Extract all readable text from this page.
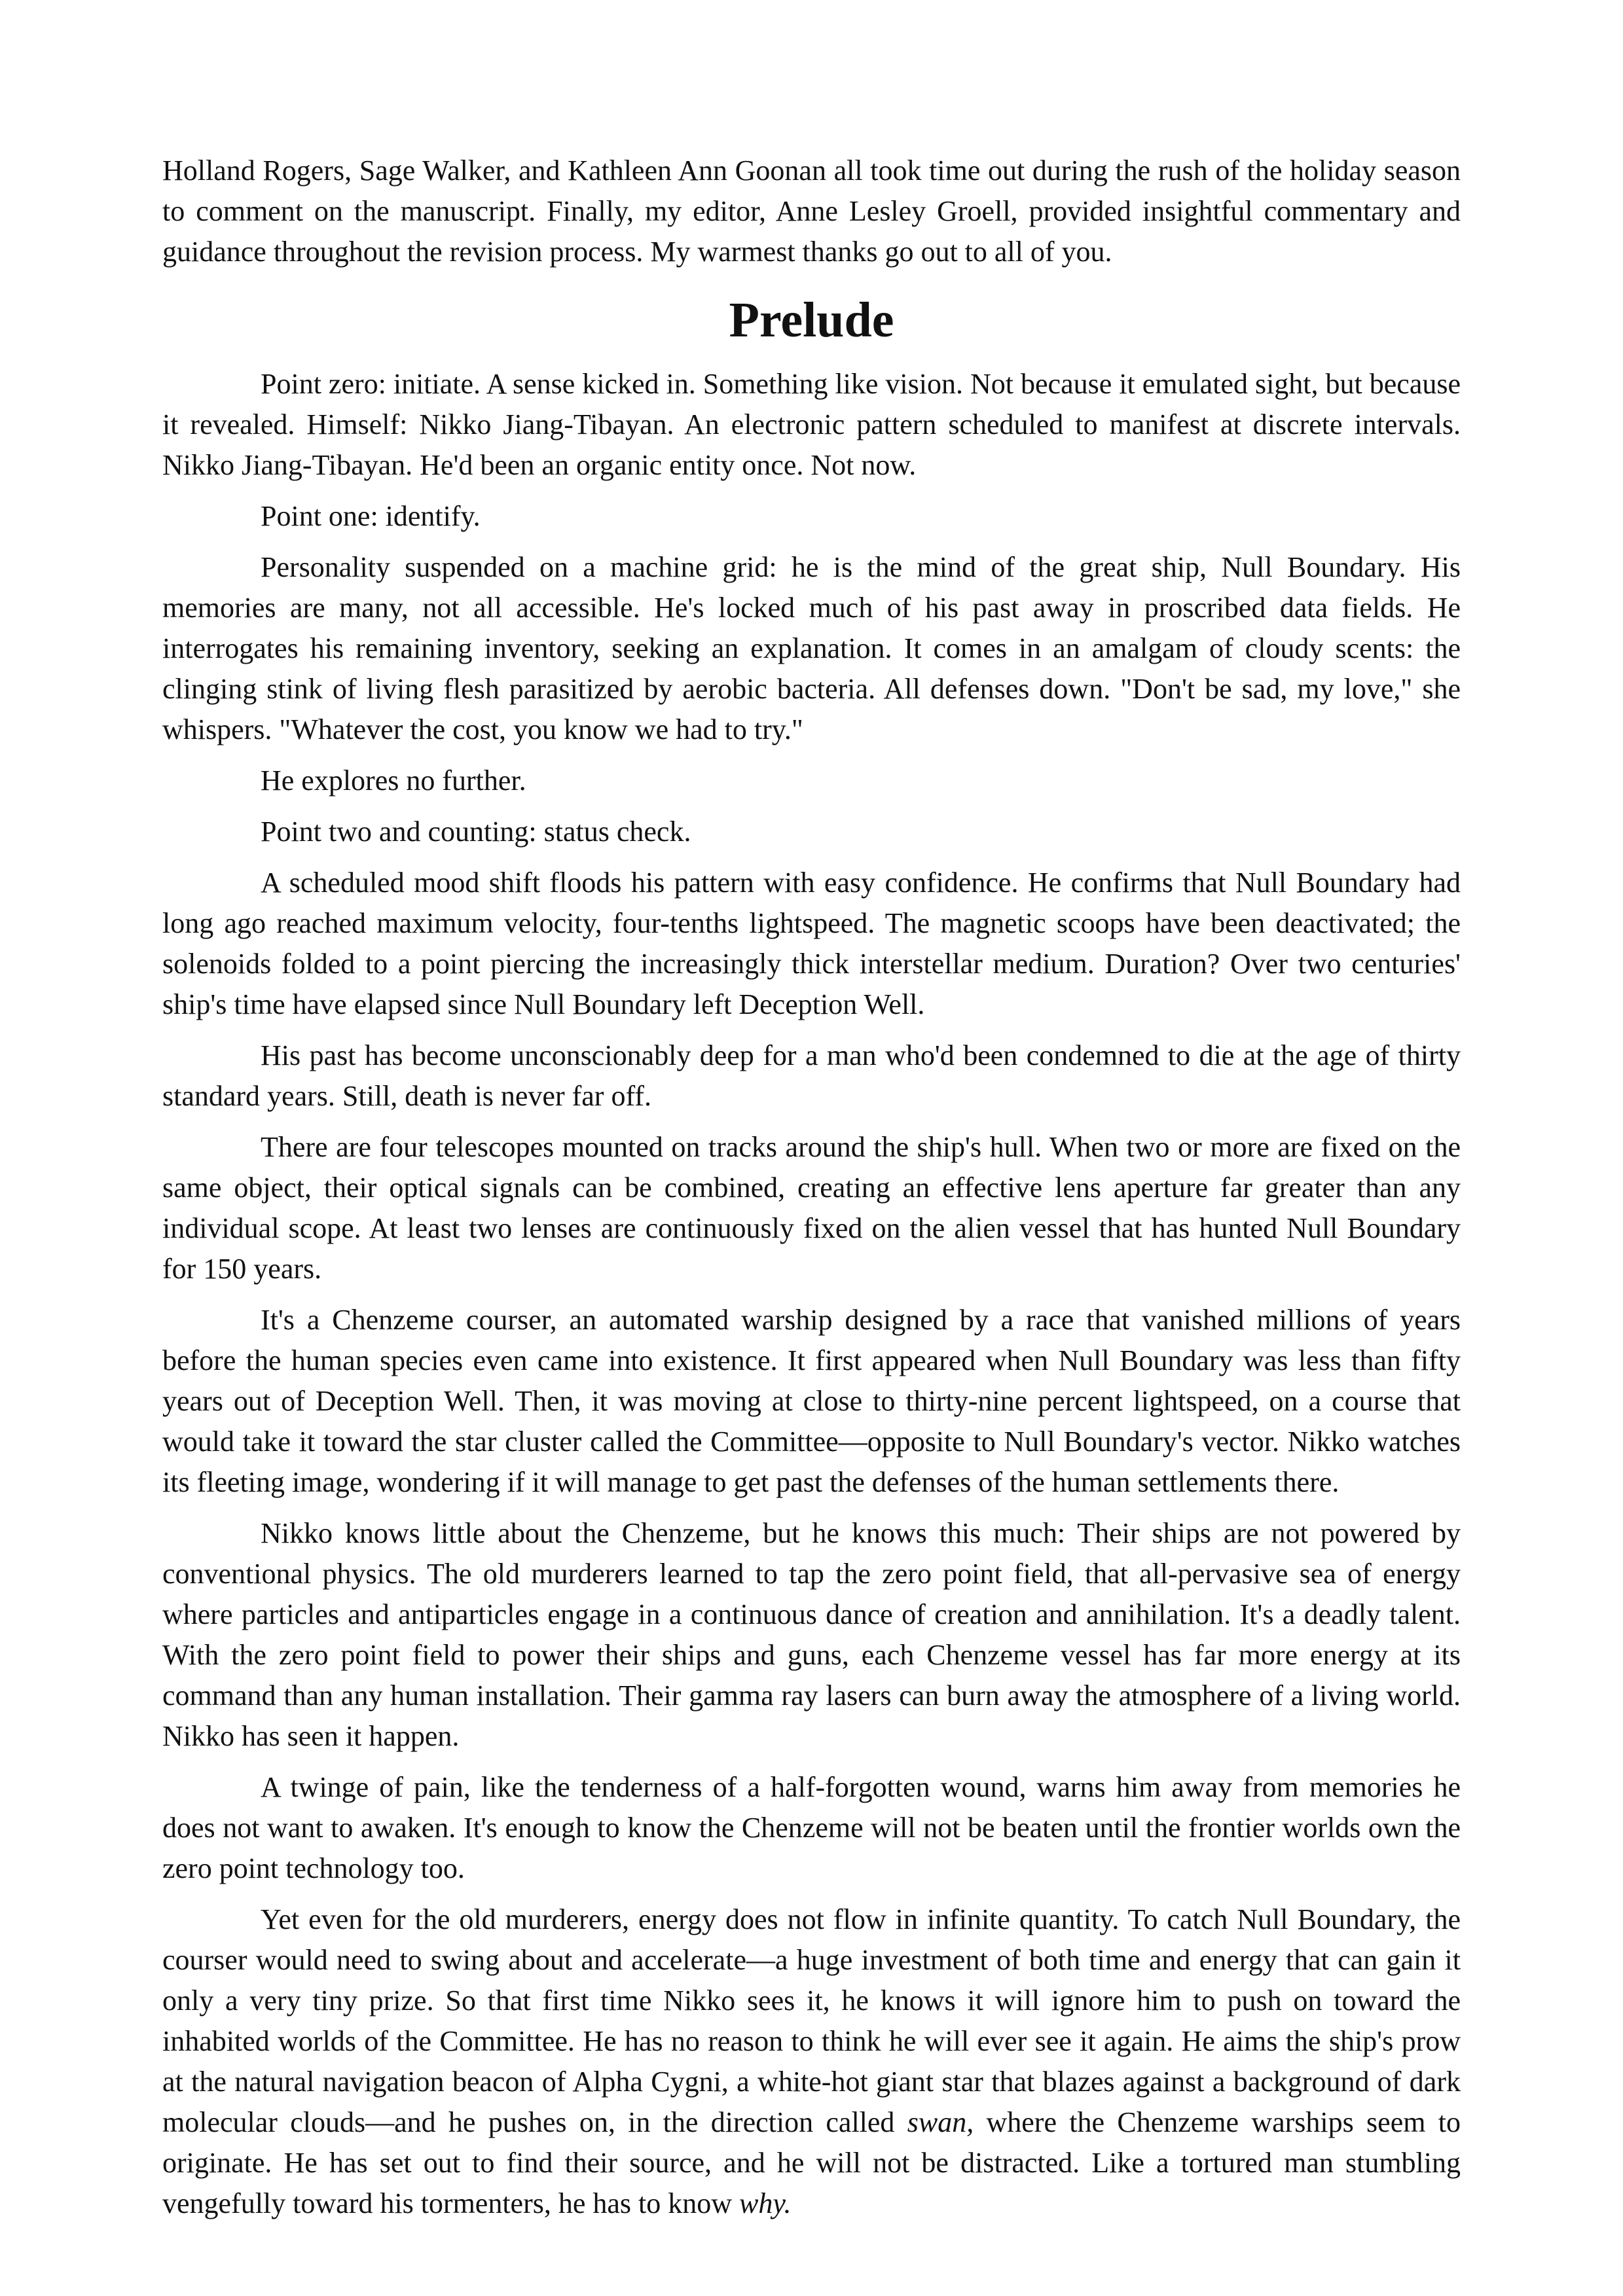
Holland Rogers, Sage Walker, and Kathleen Ann Goonan all took time out during the rush of the holiday season to comment on the manuscript. Finally, my editor, Anne Lesley Groell, provided insightful commentary and guidance throughout the revision process. My warmest thanks go out to all of you.

Prelude

Point zero: initiate. A sense kicked in. Something like vision. Not because it emulated sight, but because it revealed. Himself: Nikko Jiang-Tibayan. An electronic pattern scheduled to manifest at discrete intervals. Nikko Jiang-Tibayan. He'd been an organic entity once. Not now.

Point one: identify.

Personality suspended on a machine grid: he is the mind of the great ship, Null Boundary. His memories are many, not all accessible. He's locked much of his past away in proscribed data fields. He interrogates his remaining inventory, seeking an explanation. It comes in an amalgam of cloudy scents: the clinging stink of living flesh parasitized by aerobic bacteria. All defenses down. "Don't be sad, my love," she whispers. "Whatever the cost, you know we had to try."

He explores no further.

Point two and counting: status check.

A scheduled mood shift floods his pattern with easy confidence. He confirms that Null Boundary had long ago reached maximum velocity, four-tenths lightspeed. The magnetic scoops have been deactivated; the solenoids folded to a point piercing the increasingly thick interstellar medium. Duration? Over two centuries' ship's time have elapsed since Null Boundary left Deception Well.

His past has become unconscionably deep for a man who'd been condemned to die at the age of thirty standard years. Still, death is never far off.

There are four telescopes mounted on tracks around the ship's hull. When two or more are fixed on the same object, their optical signals can be combined, creating an effective lens aperture far greater than any individual scope. At least two lenses are continuously fixed on the alien vessel that has hunted Null Boundary for 150 years.

It's a Chenzeme courser, an automated warship designed by a race that vanished millions of years before the human species even came into existence. It first appeared when Null Boundary was less than fifty years out of Deception Well. Then, it was moving at close to thirty-nine percent lightspeed, on a course that would take it toward the star cluster called the Committee—opposite to Null Boundary's vector. Nikko watches its fleeting image, wondering if it will manage to get past the defenses of the human settlements there.

Nikko knows little about the Chenzeme, but he knows this much: Their ships are not powered by conventional physics. The old murderers learned to tap the zero point field, that all-pervasive sea of energy where particles and antiparticles engage in a continuous dance of creation and annihilation. It's a deadly talent. With the zero point field to power their ships and guns, each Chenzeme vessel has far more energy at its command than any human installation. Their gamma ray lasers can burn away the atmosphere of a living world. Nikko has seen it happen.

A twinge of pain, like the tenderness of a half-forgotten wound, warns him away from memories he does not want to awaken. It's enough to know the Chenzeme will not be beaten until the frontier worlds own the zero point technology too.

Yet even for the old murderers, energy does not flow in infinite quantity. To catch Null Boundary, the courser would need to swing about and accelerate—a huge investment of both time and energy that can gain it only a very tiny prize. So that first time Nikko sees it, he knows it will ignore him to push on toward the inhabited worlds of the Committee. He has no reason to think he will ever see it again. He aims the ship's prow at the natural navigation beacon of Alpha Cygni, a white-hot giant star that blazes against a background of dark molecular clouds—and he pushes on, in the direction called swan, where the Chenzeme warships seem to originate. He has set out to find their source, and he will not be distracted. Like a tortured man stumbling vengefully toward his tormenters, he has to know why.
